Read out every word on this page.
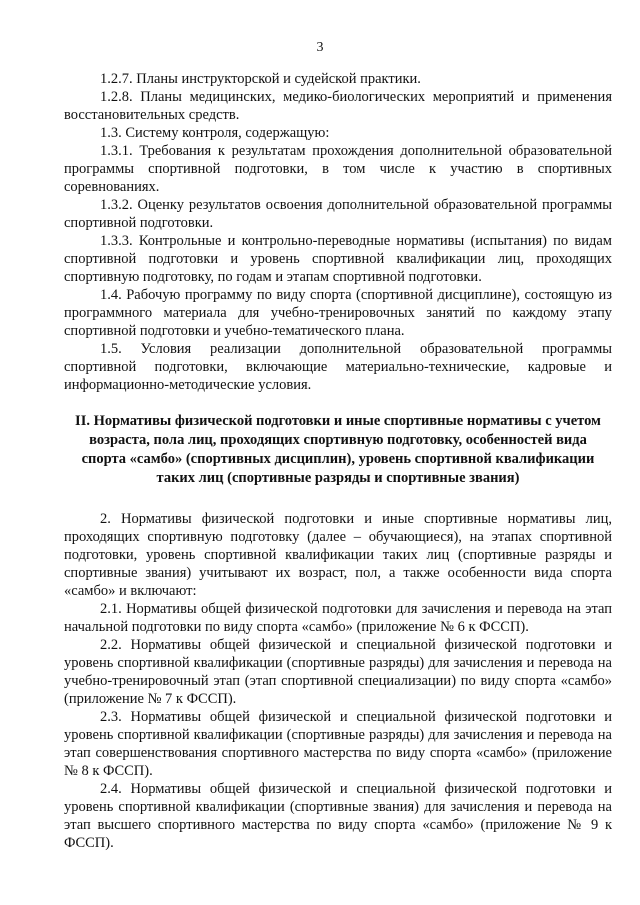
3

1.2.7. Планы инструкторской и судейской практики.

1.2.8. Планы медицинских, медико-биологических мероприятий и применения восстановительных средств.

1.3. Систему контроля, содержащую:

1.3.1. Требования к результатам прохождения дополнительной образовательной программы спортивной подготовки, в том числе к участию в спортивных соревнованиях.

1.3.2. Оценку результатов освоения дополнительной образовательной программы спортивной подготовки.

1.3.3. Контрольные и контрольно-переводные нормативы (испытания) по видам спортивной подготовки и уровень спортивной квалификации лиц, проходящих спортивную подготовку, по годам и этапам спортивной подготовки.

1.4. Рабочую программу по виду спорта (спортивной дисциплине), состоящую из программного материала для учебно-тренировочных занятий по каждому этапу спортивной подготовки и учебно-тематического плана.

1.5. Условия реализации дополнительной образовательной программы спортивной подготовки, включающие материально-технические, кадровые и информационно-методические условия.

II. Нормативы физической подготовки и иные спортивные нормативы с учетом возраста, пола лиц, проходящих спортивную подготовку, особенностей вида спорта «самбо» (спортивных дисциплин), уровень спортивной квалификации таких лиц (спортивные разряды и спортивные звания)

2. Нормативы физической подготовки и иные спортивные нормативы лиц, проходящих спортивную подготовку (далее – обучающиеся), на этапах спортивной подготовки, уровень спортивной квалификации таких лиц (спортивные разряды и спортивные звания) учитывают их возраст, пол, а также особенности вида спорта «самбо» и включают:

2.1. Нормативы общей физической подготовки для зачисления и перевода на этап начальной подготовки по виду спорта «самбо» (приложение № 6 к ФССП).

2.2. Нормативы общей физической и специальной физической подготовки и уровень спортивной квалификации (спортивные разряды) для зачисления и перевода на учебно-тренировочный этап (этап спортивной специализации) по виду спорта «самбо» (приложение № 7 к ФССП).

2.3. Нормативы общей физической и специальной физической подготовки и уровень спортивной квалификации (спортивные разряды) для зачисления и перевода на этап совершенствования спортивного мастерства по виду спорта «самбо» (приложение № 8 к ФССП).

2.4. Нормативы общей физической и специальной физической подготовки и уровень спортивной квалификации (спортивные звания) для зачисления и перевода на этап высшего спортивного мастерства по виду спорта «самбо» (приложение № 9 к ФССП).
